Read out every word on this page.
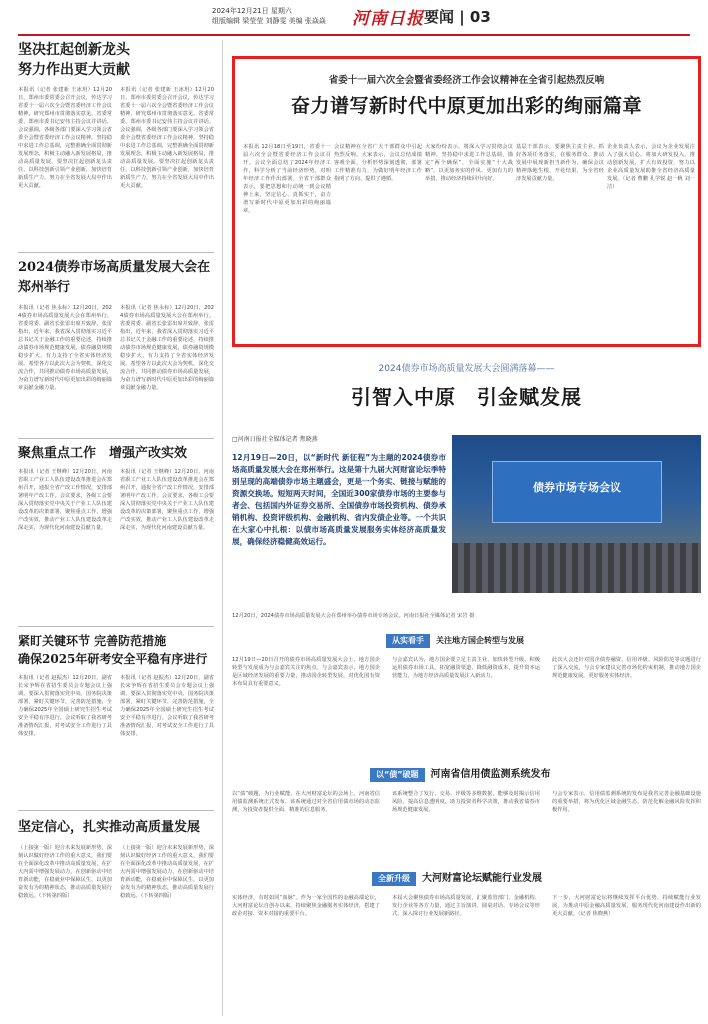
2024年12月21日 星期六
组版编辑 梁莹莹 刘静雯 美编 张焱焱 河南日报 要闻 | 03
坚决扛起创新龙头
努力作出更大贡献
本报讯（记者 张建新 王冰玥）12月20日，郑州市委常委会召开会议，传达学习省委十一届六次全会暨省委经济工作会议精神，研究郑州市贯彻落实意见。省委常委、郑州市委书记安伟主持会议并讲话。会议强调，各级各部门要深入学习领会省委全会暨省委经济工作会议精神，坚持稳中求进工作总基调，完整准确全面贯彻新发展理念，积极主动融入新发展格局，推动高质量发展。要坚决扛起创新龙头责任，以科技创新引领产业创新，加快培育新质生产力，努力在全省发展大局中作出更大贡献。
本报讯（记者 张建新 王冰玥）12月20日，郑州市委常委会召开会议，传达学习省委十一届六次全会暨省委经济工作会议精神，研究郑州市贯彻落实意见。省委常委、郑州市委书记安伟主持会议并讲话。会议强调，各级各部门要深入学习领会省委全会暨省委经济工作会议精神，坚持稳中求进工作总基调，完整准确全面贯彻新发展理念，积极主动融入新发展格局，推动高质量发展。要坚决扛起创新龙头责任，以科技创新引领产业创新，加快培育新质生产力，努力在全省发展大局中作出更大贡献。
2024债券市场高质量发展大会在郑州举行
本报讯（记者 焦永标）12月20日，2024债券市场高质量发展大会在郑州举行。省委常委、副省长张雷出席并致辞。张雷指出，近年来，我省深入贯彻落实习近平总书记关于金融工作的重要论述，持续推动债券市场规范健康发展，债券融资规模稳步扩大，有力支持了全省实体经济发展。希望各方以此次大会为契机，深化交流合作，共同推动债券市场高质量发展，为奋力谱写新时代中原更加出彩的绚丽篇章贡献金融力量。
本报讯（记者 焦永标）12月20日，2024债券市场高质量发展大会在郑州举行。省委常委、副省长张雷出席并致辞。张雷指出，近年来，我省深入贯彻落实习近平总书记关于金融工作的重要论述，持续推动债券市场规范健康发展，债券融资规模稳步扩大，有力支持了全省实体经济发展。希望各方以此次大会为契机，深化交流合作，共同推动债券市场高质量发展，为奋力谱写新时代中原更加出彩的绚丽篇章贡献金融力量。
聚焦重点工作　增强产改实效
本报讯（记者 王继峰）12月20日，河南省职工产业工人队伍建设改革推进会在郑州召开，通报全省产改工作情况，安排部署明年产改工作。会议要求，各级工会要深入贯彻落实党中央关于产业工人队伍建设改革的决策部署，聚焦重点工作，增强产改实效，推动产业工人队伍建设改革走深走实，为现代化河南建设贡献力量。
本报讯（记者 王继峰）12月20日，河南省职工产业工人队伍建设改革推进会在郑州召开，通报全省产改工作情况，安排部署明年产改工作。会议要求，各级工会要深入贯彻落实党中央关于产业工人队伍建设改革的决策部署，聚焦重点工作，增强产改实效，推动产业工人队伍建设改革走深走实，为现代化河南建设贡献力量。
紧盯关键环节 完善防范措施
确保2025年研考安全平稳有序进行
本报讯（记者 赵振杰）12月20日，副省长宋争辉在省招生委员会专题会议上强调，要深入贯彻落实党中央、国务院决策部署，紧盯关键环节，完善防范措施，全力确保2025年全国硕士研究生招生考试安全平稳有序进行。会议听取了我省研考准备情况汇报，对考试安全工作进行了具体安排。
本报讯（记者 赵振杰）12月20日，副省长宋争辉在省招生委员会专题会议上强调，要深入贯彻落实党中央、国务院决策部署，紧盯关键环节，完善防范措施，全力确保2025年全国硕士研究生招生考试安全平稳有序进行。会议听取了我省研考准备情况汇报，对考试安全工作进行了具体安排。
坚定信心，扎实推动高质量发展
（上接第一版）迎合未来发展新形势，深刻认识做好经济工作的重大意义，我们要在全面深化改革中推动高质量发展，在扩大内需中增强发展动力，在创新驱动中培育新动能，在稳就业中保障民生，以更加奋发有为的精神状态，推动高质量发展行稳致远。（下转第四版）
（上接第一版）迎合未来发展新形势，深刻认识做好经济工作的重大意义，我们要在全面深化改革中推动高质量发展，在扩大内需中增强发展动力，在创新驱动中培育新动能，在稳就业中保障民生，以更加奋发有为的精神状态，推动高质量发展行稳致远。（下转第四版）
省委十一届六次全会暨省委经济工作会议精神在全省引起热烈反响
奋力谱写新时代中原更加出彩的绚丽篇章
本报讯 12月18日至19日，省委十一届六次全会暨省委经济工作会议召开。会议全面总结了2024年经济工作，科学分析了当前经济形势，对明年经济工作作出部署。全省干部群众表示，要把思想和行动统一到会议精神上来，坚定信心、真抓实干，奋力谱写新时代中原更加出彩的绚丽篇章。
会议精神在全省广大干部群众中引起热烈反响。大家表示，会议总结成绩客观全面，分析形势深刻透彻，部署工作精准有力，为做好明年经济工作指明了方向、提供了遵循。
大家纷纷表示，将深入学习贯彻会议精神，坚持稳中求进工作总基调，锚定“两个确保”，全面实施“十大战略”，以更加务实的作风、更加有力的举措，推动经济持续回升向好。
基层干部表示，要聚焦主责主业，抓好各项任务落实，在服务群众、推动发展中展现新担当新作为，确保会议精神落地生根、开花结果，为全省经济发展贡献力量。
企业负责人表示，会议为企业发展注入了强大信心。将加大研发投入，推动创新发展，扩大有效投资，努力以企业高质量发展助推全省经济高质量发展。（记者 曹鹏 孔学锐 赵一帆 刘一洁）
2024债券市场高质量发展大会圆满落幕——
引智入中原　引金赋发展
□河南日报社全媒体记者 焦晓燕
12月19日—20日，以“新时代 新征程”为主题的2024债券市场高质量发展大会在郑州举行。这是第十九届大河财富论坛季特别呈现的高端债券市场主题盛会，更是一个务实、链接与赋能的资源交换场。短短两天时间，全国近300家债券市场的主要参与者会、包括国内外证券交易所、全国债券市场投资机构、债券承销机构、投资评级机构、金融机构、省内发债企业等。一个共识在大家心中扎根：以债市场高质量发展服务实体经济高质量发展，确保经济稳健高效运行。
债券市场专场会议
12月20日，2024债券市场高质量发展大会在郑州举办债券市场专场会议。河南日报社全媒体记者 宋岩 摄
从实看手 关注地方国企转型与发展
12月19日—20日召开的债券市场高质量发展大会上，地方国企转型与发展成为与会嘉宾关注的焦点。与会嘉宾表示，地方国企是区域经济发展的重要力量，推动国企转型发展，对优化国有资本布局具有重要意义。
与会嘉宾认为，地方国企要立足主责主业，加快转型升级，积极运用债券市场工具，拓宽融资渠道，降低融资成本，提升资本运营能力，为地方经济高质量发展注入新活力。
此次大会还针对国企债券融资、信用评级、风险防范等议题进行了深入交流，与会专家建议完善市场化约束机制，推动地方国企规范健康发展，更好服务实体经济。
以“债”破题 河南省信用债监测系统发布
以“债”破题，为行业赋能。在大河财富论坛的会场上，河南省信用债监测系统正式发布。该系统通过对全省信用债市场的动态监测，为投资者提供全面、精准的信息服务。
该系统整合了发行、交易、评级等多维数据，能够及时揭示信用风险，提高信息透明度，助力投资者科学决策，推动我省债券市场规范健康发展。
与会专家表示，信用债监测系统的发布是我省完善金融基础设施的重要举措，将为优化区域金融生态、防范化解金融风险发挥积极作用。
全新升级 大河财富论坛赋能行业发展
实体经济，有时如同“血脉”。作为一家全国性的金融高端论坛，大河财富论坛自创办以来，持续聚焦金融服务实体经济，搭建了政企对接、资本对接的重要平台。
本届大会聚焦债券市场高质量发展，汇聚监管部门、金融机构、发行企业等各方力量，通过主旨演讲、圆桌对话、专场会议等形式，深入探讨行业发展新路径。
下一步，大河财富论坛将继续发挥平台优势，持续赋能行业发展，为推动中原金融高质量发展、服务现代化河南建设作出新的更大贡献。（记者 焦晓燕）
